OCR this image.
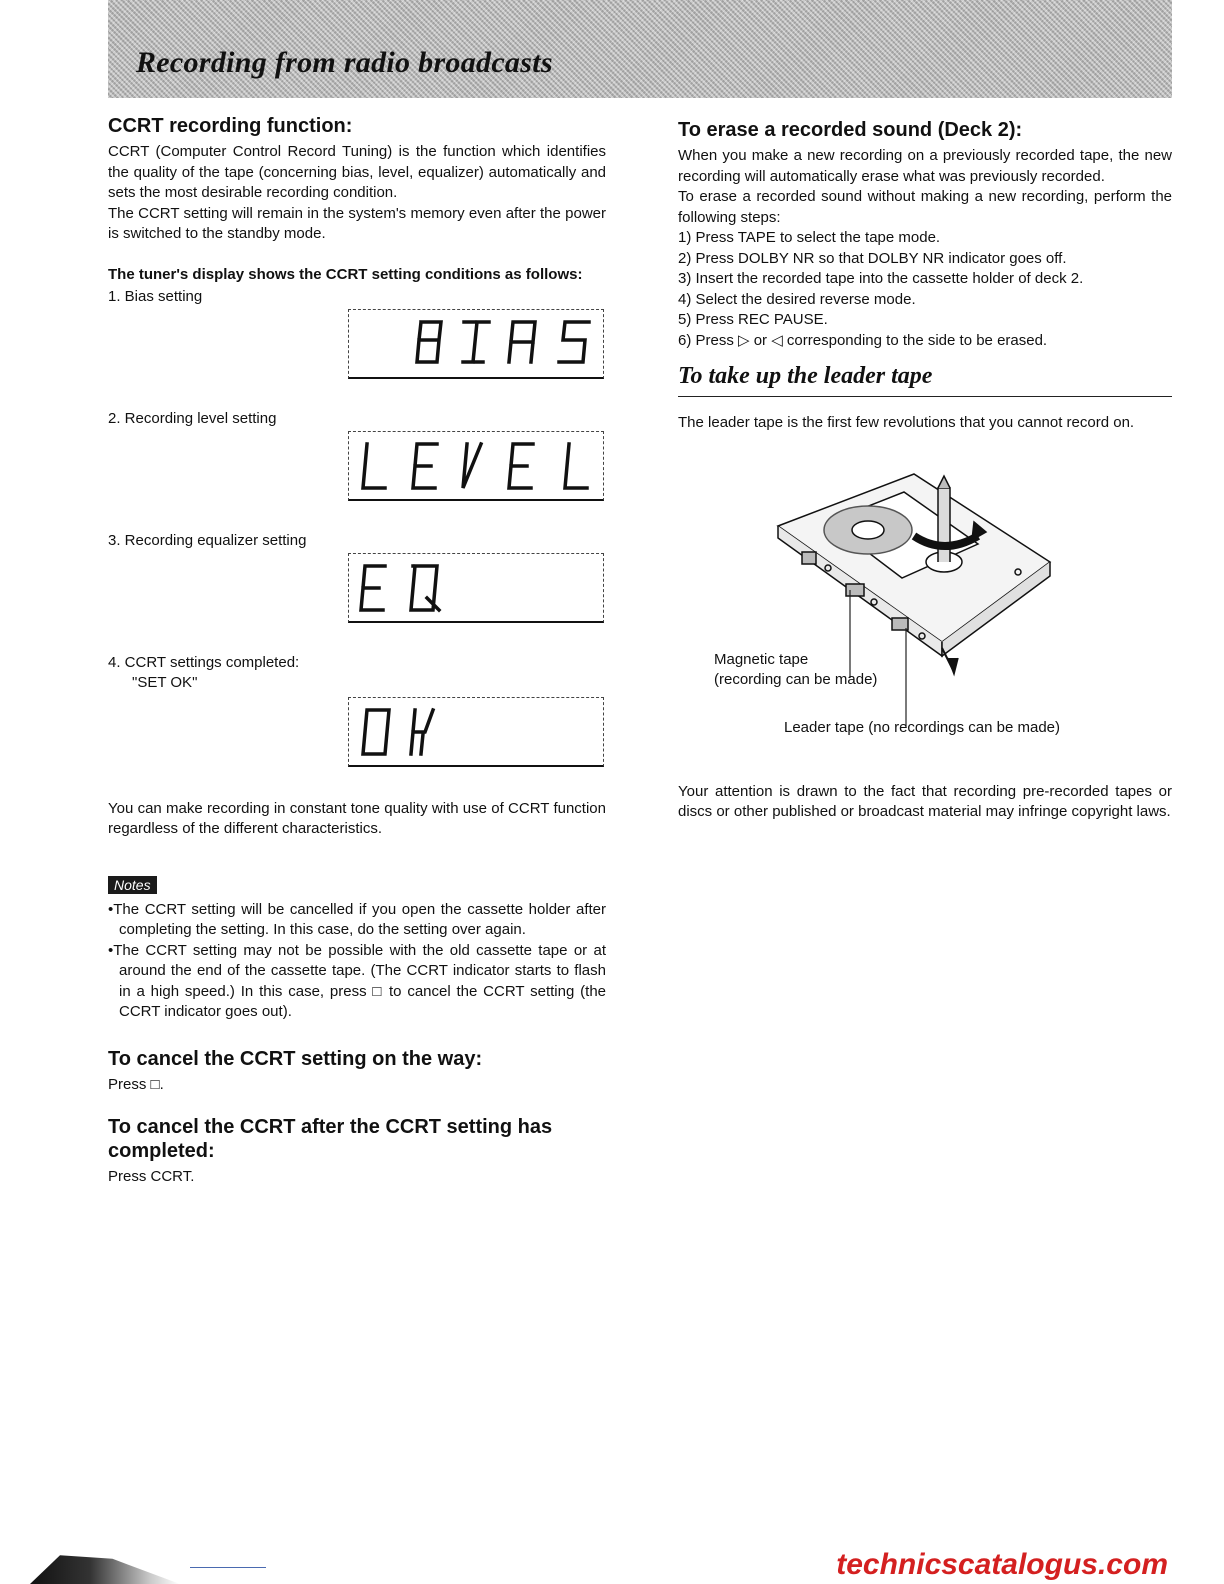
Recording from radio broadcasts
CCRT recording function:

CCRT (Computer Control Record Tuning) is the function which identifies the quality of the tape (concerning bias, level, equalizer) automatically and sets the most desirable recording condition.

The CCRT setting will remain in the system's memory even after the power is switched to the standby mode.

The tuner's display shows the CCRT setting conditions as follows:

1. Bias setting
2. Recording level setting
3. Recording equalizer setting
4. CCRT settings completed:
"SET OK"

You can make recording in constant tone quality with use of CCRT function regardless of the different characteristics.

Notes
•The CCRT setting will be cancelled if you open the cassette holder after completing the setting. In this case, do the setting over again.
•The CCRT setting may not be possible with the old cassette tape or at around the end of the cassette tape. (The CCRT indicator starts to flash in a high speed.) In this case, press □ to cancel the CCRT setting (the CCRT indicator goes out).
To cancel the CCRT setting on the way:

Press □.

To cancel the CCRT after the CCRT setting has completed:

Press CCRT.

To erase a recorded sound (Deck 2):

When you make a new recording on a previously recorded tape, the new recording will automatically erase what was previously recorded.

To erase a recorded sound without making a new recording, perform the following steps:

1) Press TAPE to select the tape mode.
2) Press DOLBY NR so that DOLBY NR indicator goes off.
3) Insert the recorded tape into the cassette holder of deck 2.
4) Select the desired reverse mode.
5) Press REC PAUSE.
6) Press ▷ or ◁ corresponding to the side to be erased.
To take up the leader tape

The leader tape is the first few revolutions that you cannot record on.

Magnetic tape
(recording can be made)
Leader tape (no recordings can be made)

Your attention is drawn to the fact that recording pre-recorded tapes or discs or other published or broadcast material may infringe copyright laws.

technicscatalogus.com
